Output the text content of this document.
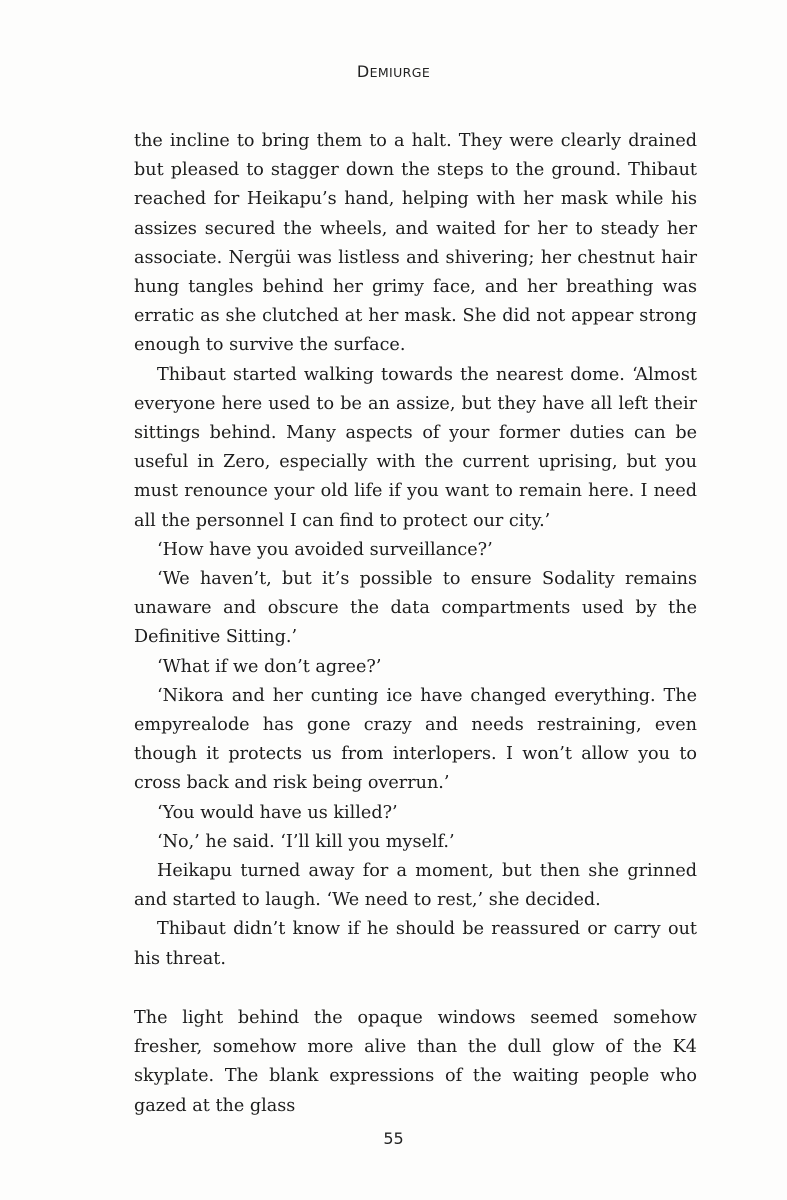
DEMIURGE

the incline to bring them to a halt. They were clearly drained but pleased to stagger down the steps to the ground. Thibaut reached for Heikapu’s hand, helping with her mask while his assizes secured the wheels, and waited for her to steady her associate. Nergüi was listless and shivering; her chestnut hair hung tangles behind her grimy face, and her breathing was erratic as she clutched at her mask. She did not appear strong enough to survive the surface.

Thibaut started walking towards the nearest dome. ‘Almost everyone here used to be an assize, but they have all left their sittings behind. Many aspects of your former duties can be useful in Zero, especially with the current uprising, but you must renounce your old life if you want to remain here. I need all the personnel I can find to protect our city.’

‘How have you avoided surveillance?’

‘We haven’t, but it’s possible to ensure Sodality remains unaware and obscure the data compartments used by the Definitive Sitting.’

‘What if we don’t agree?’

‘Nikora and her cunting ice have changed everything. The empyrealode has gone crazy and needs restraining, even though it protects us from interlopers. I won’t allow you to cross back and risk being overrun.’

‘You would have us killed?’

‘No,’ he said. ‘I’ll kill you myself.’

Heikapu turned away for a moment, but then she grinned and started to laugh. ‘We need to rest,’ she decided.

Thibaut didn’t know if he should be reassured or carry out his threat.

The light behind the opaque windows seemed somehow fresher, somehow more alive than the dull glow of the K4 skyplate. The blank expressions of the waiting people who gazed at the glass

55
